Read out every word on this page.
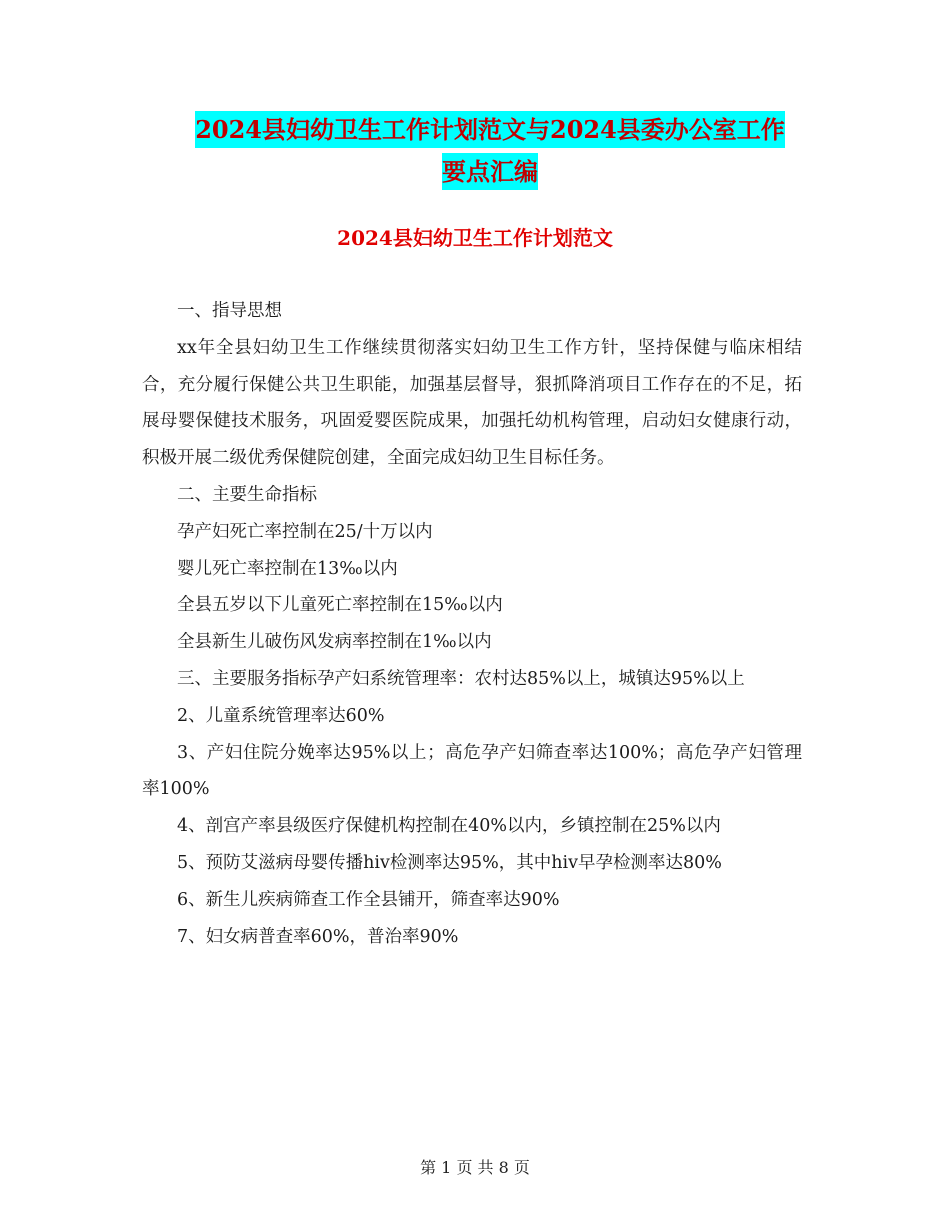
2024县妇幼卫生工作计划范文与2024县委办公室工作
要点汇编
2024县妇幼卫生工作计划范文

一、指导思想

xx年全县妇幼卫生工作继续贯彻落实妇幼卫生工作方针，坚持保健与临床相结合，充分履行保健公共卫生职能，加强基层督导，狠抓降消项目工作存在的不足，拓展母婴保健技术服务，巩固爱婴医院成果，加强托幼机构管理，启动妇女健康行动，积极开展二级优秀保健院创建，全面完成妇幼卫生目标任务。

二、主要生命指标

孕产妇死亡率控制在25/十万以内

婴儿死亡率控制在13‰以内

全县五岁以下儿童死亡率控制在15‰以内

全县新生儿破伤风发病率控制在1‰以内

三、主要服务指标孕产妇系统管理率：农村达85%以上，城镇达95%以上

2、儿童系统管理率达60%

3、产妇住院分娩率达95%以上；高危孕产妇筛查率达100%；高危孕产妇管理率100%

4、剖宫产率县级医疗保健机构控制在40%以内，乡镇控制在25%以内

5、预防艾滋病母婴传播hiv检测率达95%，其中hiv早孕检测率达80%

6、新生儿疾病筛查工作全县铺开，筛查率达90%

7、妇女病普查率60%，普治率90%

第 1 页 共 8 页
